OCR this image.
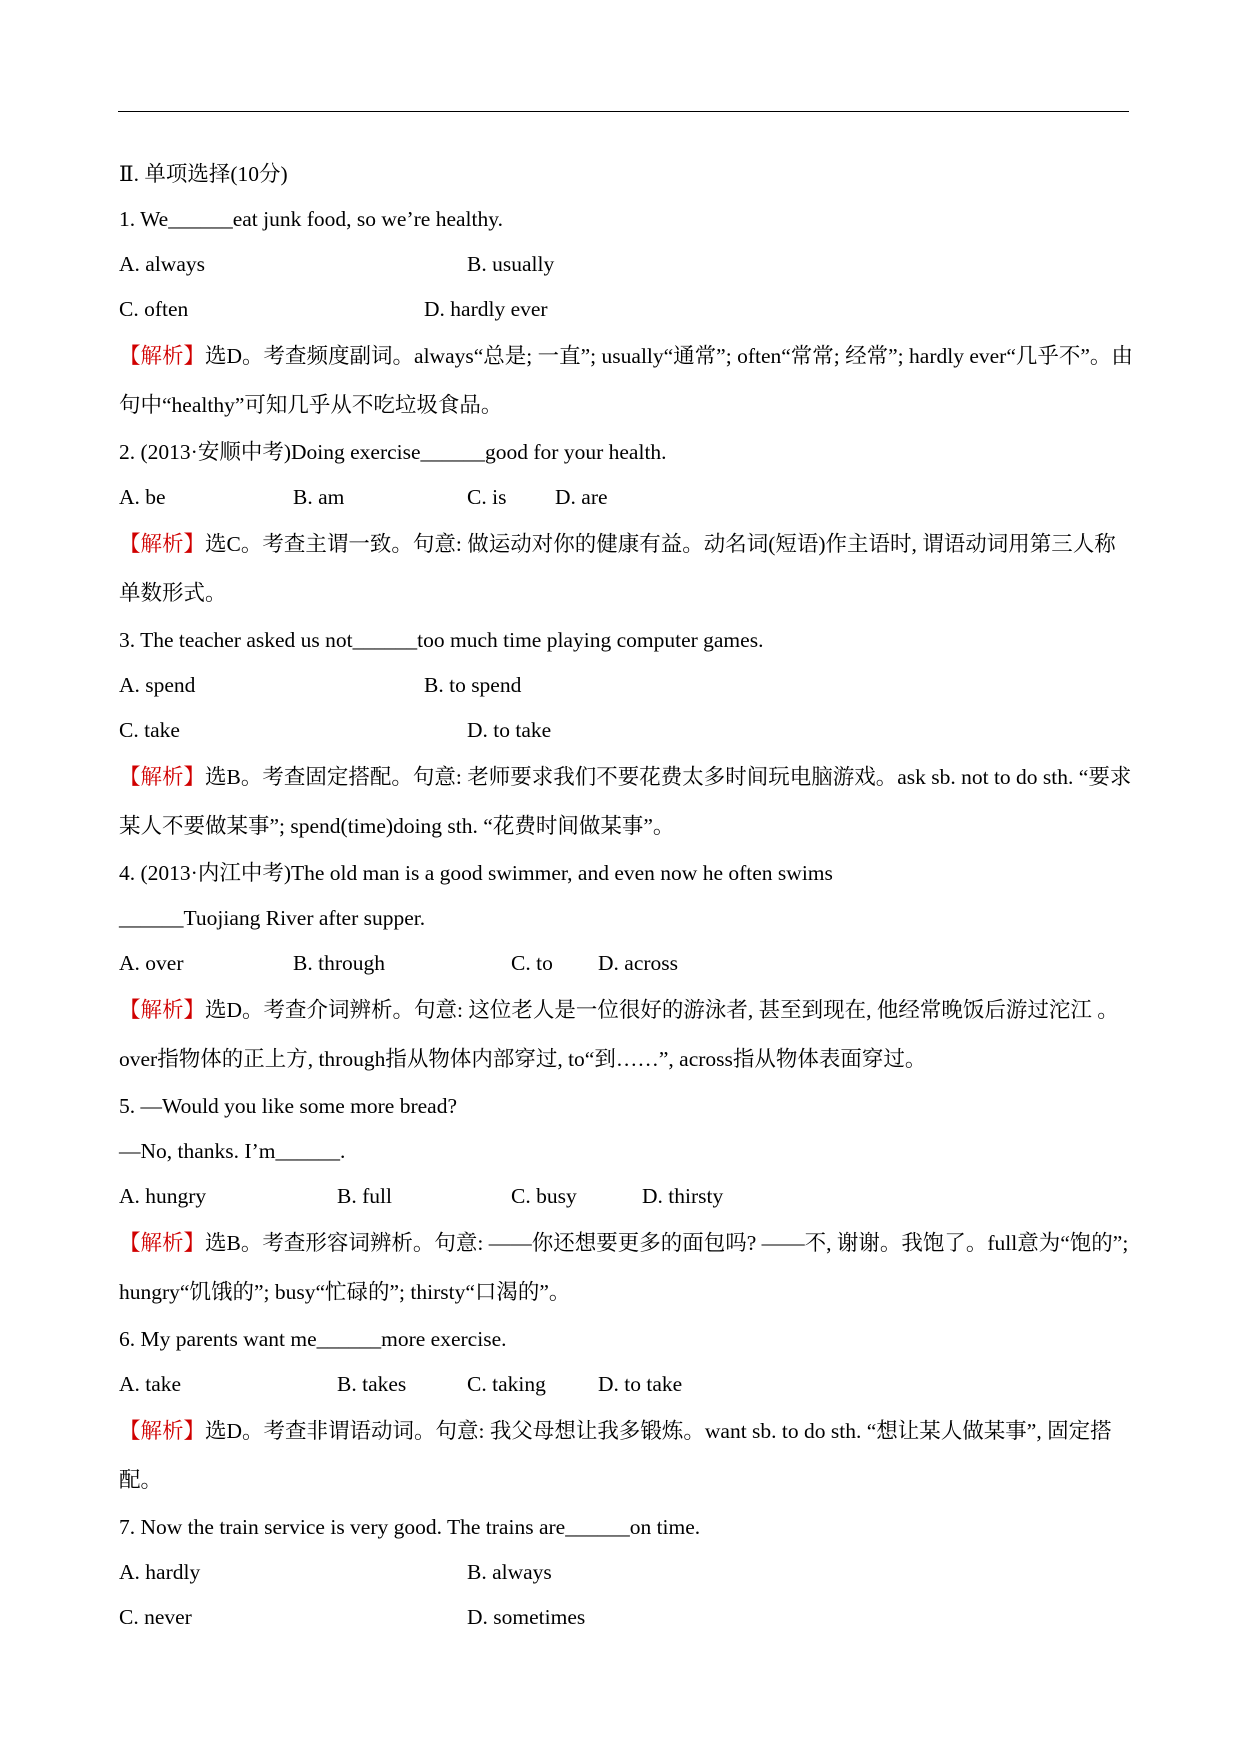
Ⅱ. 单项选择(10分)
1. We______eat junk food, so we’re healthy.
A. always	B. usually
C. often	D. hardly ever
【解析】选D。考查频度副词。always“总是; 一直”; usually“通常”; often“常常; 经常”; hardly ever“几乎不”。由句中“healthy”可知几乎从不吃垃圾食品。
2. (2013·安顺中考)Doing exercise______good for your health.
A. be	B. am	C. is D. are
【解析】选C。考查主谓一致。句意: 做运动对你的健康有益。动名词(短语)作主语时, 谓语动词用第三人称单数形式。
3. The teacher asked us not______too much time playing computer games.
A. spend	B. to spend
C. take	D. to take
【解析】选B。考查固定搭配。句意: 老师要求我们不要花费太多时间玩电脑游戏。ask sb. not to do sth. “要求某人不要做某事”; spend(time)doing sth. “花费时间做某事”。
4. (2013·内江中考)The old man is a good swimmer, and even now he often swims
______Tuojiang River after supper.
A. over	B. through	C. to D. across
【解析】选D。考查介词辨析。句意: 这位老人是一位很好的游泳者, 甚至到现在, 他经常晚饭后游过沱江 。over指物体的正上方, through指从物体内部穿过, to“到……”, across指从物体表面穿过。
5. —Would you like some more bread?
—No, thanks. I’m______.
A. hungry	B. full	C. busy	D. thirsty
【解析】选B。考查形容词辨析。句意: ——你还想要更多的面包吗? ——不, 谢谢。我饱了。full意为“饱的”; hungry“饥饿的”; busy“忙碌的”; thirsty“口渴的”。
6. My parents want me______more exercise.
A. take	B. takes	C. taking D. to take
【解析】选D。考查非谓语动词。句意: 我父母想让我多锻炼。want sb. to do sth. “想让某人做某事”, 固定搭配。
7. Now the train service is very good. The trains are______on time.
A. hardly	B. always
C. never	D. sometimes
